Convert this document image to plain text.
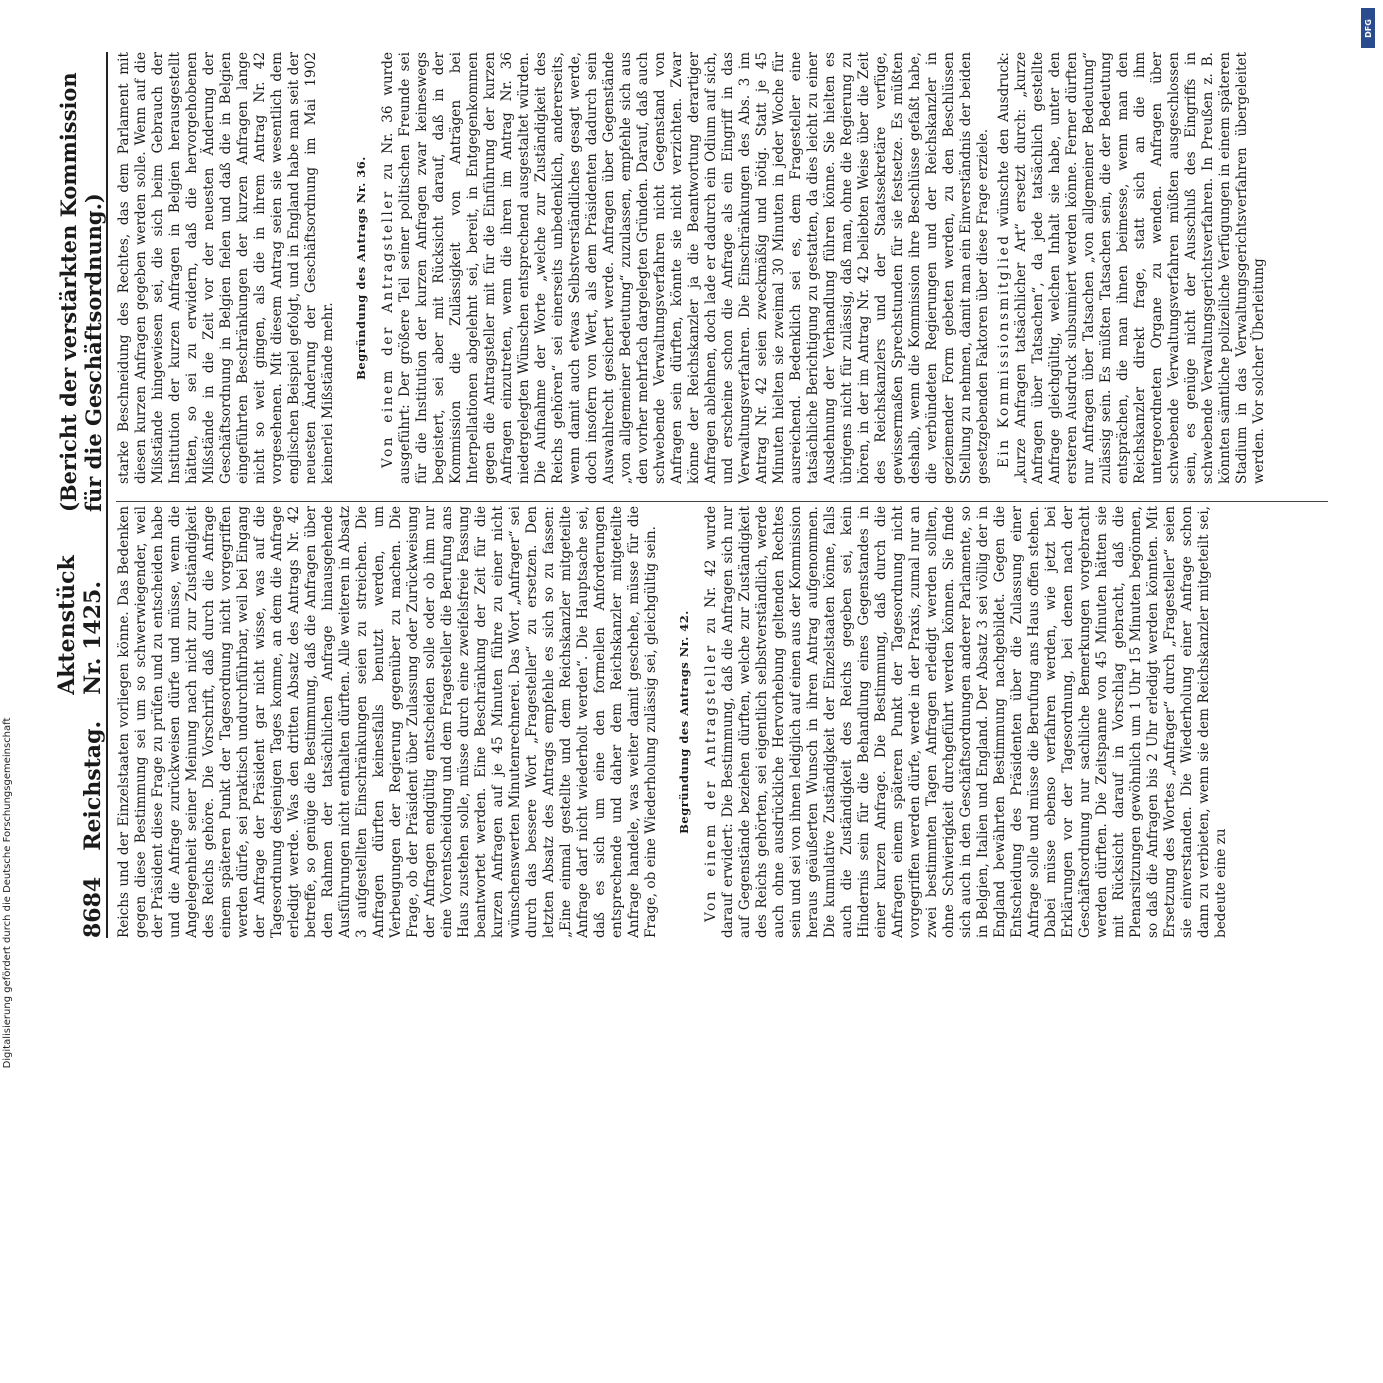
8684
Reichstag.
Aktenstück Nr. 1425.
(Bericht der verstärkten Kommission für die Geschäftsordnung.)

Reichs und der Einzelstaaten vorliegen könne. Das Bedenken gegen diese Bestimmung sei um so schwerwiegender, weil der Präsident diese Frage zu prüfen und zu entscheiden habe und die Anfrage zurückweisen dürfe und müsse, wenn die Angelegenheit seiner Meinung nach nicht zur Zuständigkeit des Reichs gehöre. Die Vorschrift, daß durch die Anfrage einem späteren Punkt der Tagesordnung nicht vorgegriffen werden dürfe, sei praktisch undurchführbar, weil bei Eingang der Anfrage der Präsident gar nicht wisse, was auf die Tagesordnung desjenigen Tages komme, an dem die Anfrage erledigt werde. Was den dritten Absatz des Antrags Nr. 42 betreffe, so genüge die Bestimmung, daß die Anfragen über den Rahmen der tatsächlichen Anfrage hinausgehende Ausführungen nicht enthalten dürften. Alle weiteren in Absatz 3 aufgestellten Einschränkungen seien zu streichen. Die Anfragen dürften keinesfalls benutzt werden, um Verbeugungen der Regierung gegenüber zu machen. Die Frage, ob der Präsident über Zulassung oder Zurückweisung der Anfragen endgültig entscheiden solle oder ob ihm nur eine Vorentscheidung und dem Fragesteller die Berufung ans Haus zustehen solle, müsse durch eine zweifelsfreie Fassung beantwortet werden. Eine Beschränkung der Zeit für die kurzen Anfragen auf je 45 Minuten führe zu einer nicht wünschenswerten Minutenrechnerei. Das Wort „Anfrager“ sei durch das bessere Wort „Fragesteller“ zu ersetzen. Den letzten Absatz des Antrags empfehle es sich so zu fassen: „Eine einmal gestellte und dem Reichskanzler mitgeteilte Anfrage darf nicht wiederholt werden“. Die Hauptsache sei, daß es sich um eine den formellen Anforderungen entsprechende und daher dem Reichskanzler mitgeteilte Anfrage handele, was weiter damit geschehe, müsse für die Frage, ob eine Wiederholung zulässig sei, gleichgültig sein. Begründung des Antrags Nr. 42. Von einem der Antragsteller zu Nr. 42 wurde darauf erwidert: Die Bestimmung, daß die Anfragen sich nur auf Gegenstände beziehen dürften, welche zur Zuständigkeit des Reichs gehörten, sei eigentlich selbstverständlich, werde auch ohne ausdrückliche Hervorhebung geltenden Rechtes sein und sei von ihnen lediglich auf einen aus der Kommission heraus geäußerten Wunsch in ihren Antrag aufgenommen. Die kumulative Zuständigkeit der Einzelstaaten könne, falls auch die Zuständigkeit des Reichs gegeben sei, kein Hindernis sein für die Behandlung eines Gegenstandes in einer kurzen Anfrage. Die Bestimmung, daß durch die Anfragen einem späteren Punkt der Tagesordnung nicht vorgegriffen werden dürfe, werde in der Praxis, zumal nur an zwei bestimmten Tagen Anfragen erledigt werden sollten, ohne Schwierigkeit durchgeführt werden können. Sie finde sich auch in den Geschäftsordnungen anderer Parlamente, so in Belgien, Italien und England. Der Absatz 3 sei völlig der in England bewährten Bestimmung nachgebildet. Gegen die Entscheidung des Präsidenten über die Zulassung einer Anfrage solle und müsse die Berufung ans Haus offen stehen. Dabei müsse ebenso verfahren werden, wie jetzt bei Erklärungen vor der Tagesordnung, bei denen nach der Geschäftsordnung nur sachliche Bemerkungen vorgebracht werden dürften. Die Zeitspanne von 45 Minuten hätten sie mit Rücksicht darauf in Vorschlag gebracht, daß die Plenarsitzungen gewöhnlich um 1 Uhr 15 Minuten begönnen, so daß die Anfragen bis 2 Uhr erledigt werden könnten. Mit Ersetzung des Wortes „Anfrager“ durch „Fragesteller“ seien sie einverstanden. Die Wiederholung einer Anfrage schon dann zu verbieten, wenn sie dem Reichskanzler mitgeteilt sei, bedeute eine zu

starke Beschneidung des Rechtes, das dem Parlament mit diesen kurzen Anfragen gegeben werden solle. Wenn auf die Mißstände hingewiesen sei, die sich beim Gebrauch der Institution der kurzen Anfragen in Belgien herausgestellt hätten, so sei zu erwidern, daß die hervorgehobenen Mißstände in die Zeit vor der neuesten Änderung der Geschäftsordnung in Belgien fielen und daß die in Belgien eingeführten Beschränkungen der kurzen Anfragen lange nicht so weit gingen, als die in ihrem Antrag Nr. 42 vorgesehenen. Mit diesem Antrag seien sie wesentlich dem englischen Beispiel gefolgt, und in England habe man seit der neuesten Änderung der Geschäftsordnung im Mai 1902 keinerlei Mißstände mehr.

Begründung des Antrags Nr. 36. Von einem der Antragsteller zu Nr. 36 wurde ausgeführt: Der größere Teil seiner politischen Freunde sei für die Institution der kurzen Anfragen zwar keineswegs begeistert, sei aber mit Rücksicht darauf, daß in der Kommission die Zulässigkeit von Anträgen bei Interpellationen abgelehnt sei, bereit, in Entgegenkommen gegen die Antragsteller mit für die Einführung der kurzen Anfragen einzutreten, wenn die ihren im Antrag Nr. 36 niedergelegten Wünschen entsprechend ausgestaltet würden. Die Aufnahme der Worte „welche zur Zuständigkeit des Reichs gehören“ sei einerseits unbedenklich, andererseits, wenn damit auch etwas Selbstverständliches gesagt werde, doch insofern von Wert, als dem Präsidenten dadurch sein Auswahlrecht gesichert werde. Anfragen über Gegenstände „von allgemeiner Bedeutung“ zuzulassen, empfehle sich aus den vorher mehrfach dargelegten Gründen. Darauf, daß auch schwebende Verwaltungsverfahren nicht Gegenstand von Anfragen sein dürften, könnte sie nicht verzichten. Zwar könne der Reichskanzler ja die Beantwortung derartiger Anfragen ablehnen, doch lade er dadurch ein Odium auf sich, und erscheine schon die Anfrage als ein Eingriff in das Verwaltungsverfahren. Die Einschränkungen des Abs. 3 im Antrag Nr. 42 seien zweckmäßig und nötig. Statt je 45 Minuten hielten sie zweimal 30 Minuten in jeder Woche für ausreichend. Bedenklich sei es, dem Fragesteller eine tatsächliche Berichtigung zu gestatten, da dies leicht zu einer Ausdehnung der Verhandlung führen könne. Sie hielten es übrigens nicht für zulässig, daß man, ohne die Regierung zu hören, in der im Antrag Nr. 42 beliebten Weise über die Zeit des Reichskanzlers und der Staatssekretäre verfüge, gewissermaßen Sprechstunden für sie festsetze. Es müßten deshalb, wenn die Kommission ihre Beschlüsse gefaßt habe, die verbündeten Regierungen und der Reichskanzler in geziemender Form gebeten werden, zu den Beschlüssen Stellung zu nehmen, damit man ein Einverständnis der beiden gesetzgebenden Faktoren über diese Frage erziele. Ein Kommissionsmitglied wünschte den Ausdruck: „kurze Anfragen tatsächlicher Art“ ersetzt durch: „kurze Anfragen über Tatsachen“, da jede tatsächlich gestellte Anfrage gleichgültig, welchen Inhalt sie habe, unter den ersteren Ausdruck subsumiert werden könne. Ferner dürften nur Anfragen über Tatsachen „von allgemeiner Bedeutung“ zulässig sein. Es müßten Tatsachen sein, die der Bedeutung entsprächen, die man ihnen beimesse, wenn man den Reichskanzler direkt frage, statt sich an die ihm untergeordneten Organe zu wenden. Anfragen über schwebende Verwaltungsverfahren müßten ausgeschlossen sein, es genüge nicht der Ausschluß des Eingriffs in schwebende Verwaltungsgerichtsverfahren. In Preußen z. B. könnten sämtliche polizeiliche Verfügungen in einem späteren Stadium in das Verwaltungsgerichtsverfahren übergeleitet werden. Vor solcher Überleitung

Digitalisierung gefördert durch die Deutsche Forschungsgemeinschaft
DFG
